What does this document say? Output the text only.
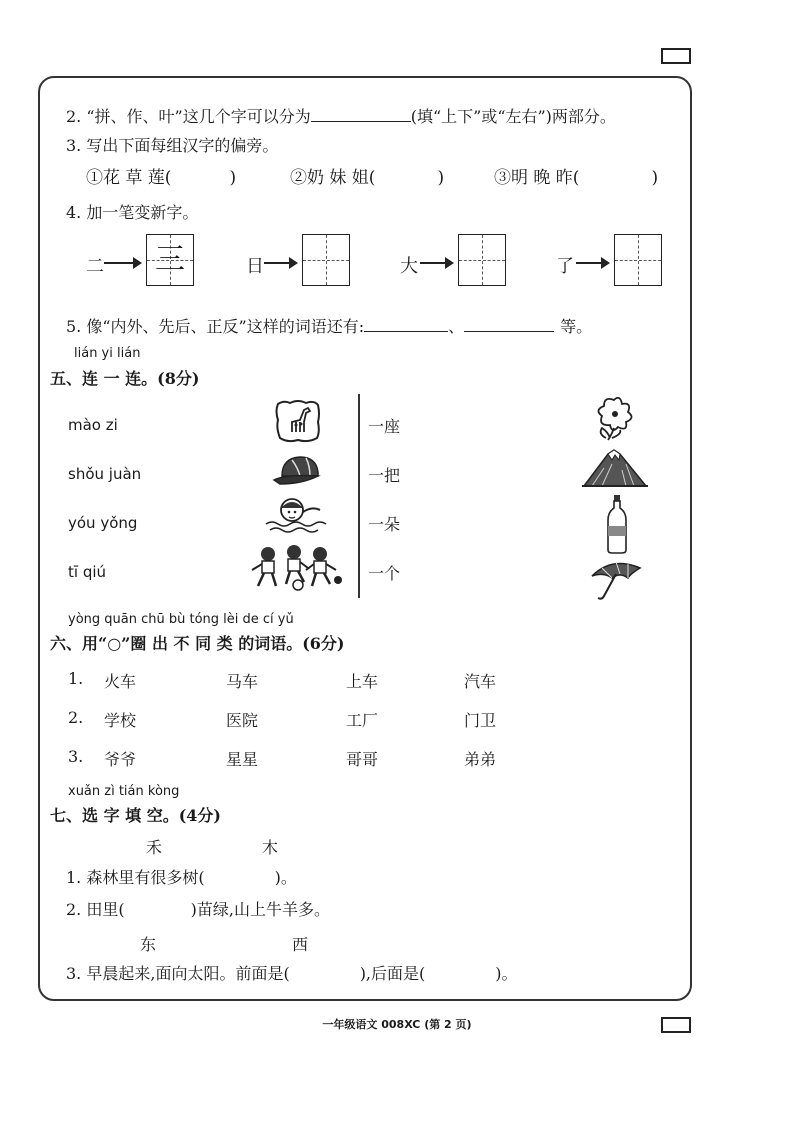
2. “拼、作、叶”这几个字可以分为	(填“上下”或“左右”)两部分。
3. 写出下面每组汉字的偏旁。
①花 草 莲(	)	②奶 妹 姐(	)	③明 晚 昨(	)
4. 加一笔变新字。
二 三	日	大	了
5. 像“内外、先后、正反”这样的词语还有:	、	等。
lián yi lián
五、连 一 连。(8分)
mào zi
shǒu juàn
yóu yǒng
tī qiú
一座
一把
一朵
一个
yòng quān chū bù tóng lèi de cí yǔ
六、用“○”圈 出 不 同 类 的词语。(6分)
1. 火车	马车	上车	汽车
2. 学校	医院	工厂	门卫
3. 爷爷	星星	哥哥	弟弟
xuǎn zì tián kòng
七、选 字 填 空。(4分)
禾	木
1. 森林里有很多树(	)。
2. 田里(	)苗绿,山上牛羊多。
东	西
3. 早晨起来,面向太阳。前面是(	),后面是(	)。
一年级语文 008XC (第 2 页)
